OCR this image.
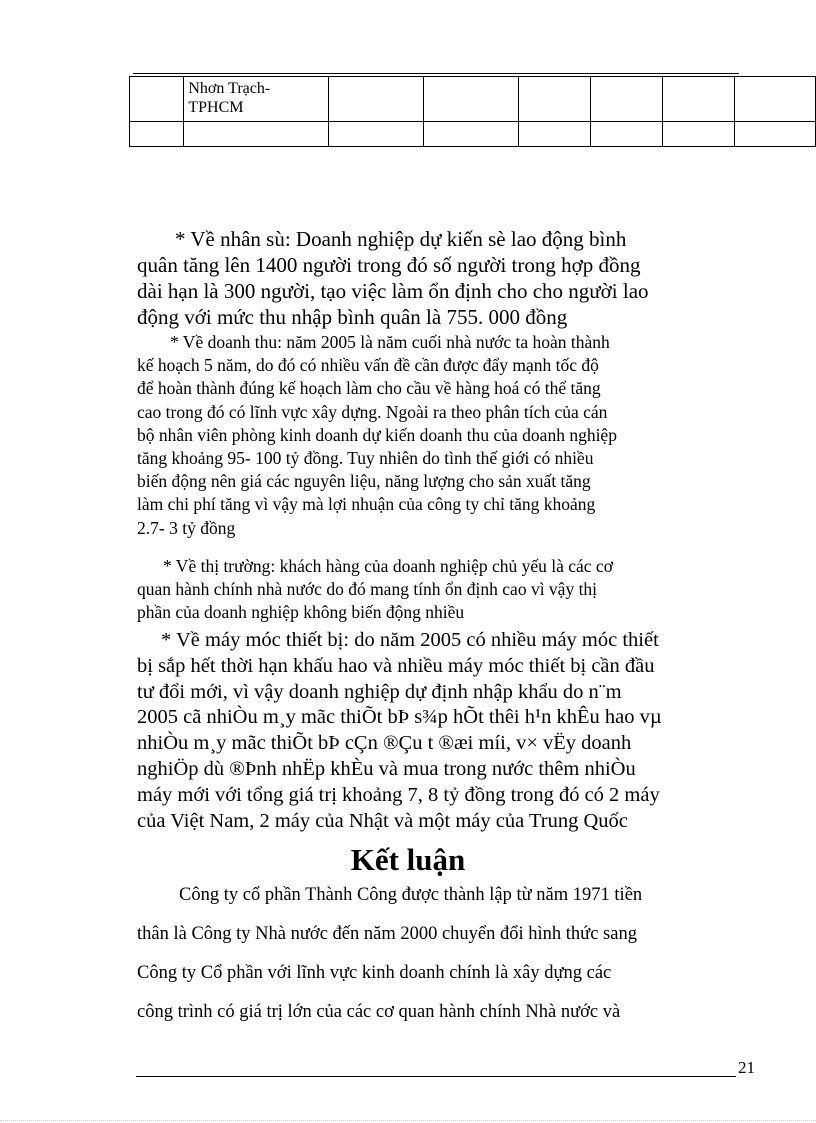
	Nhơn Trạch- TPHCM						

* Về nhân sù: Doanh nghiệp dự kiến sè lao động bình
quân tăng lên 1400 người trong đó số người trong hợp đồng
dài hạn là 300 người, tạo việc làm ổn định cho cho người lao
động với mức thu nhập bình quân là 755. 000 đồng
* Về doanh thu: năm 2005 là năm cuối nhà nước ta hoàn thành
kế hoạch 5 năm, do đó có nhiều vấn đề cần được đẩy mạnh tốc độ
để hoàn thành đúng kế hoạch làm cho cầu về hàng hoá có thể tăng
cao trong đó có lĩnh vực xây dựng. Ngoài ra theo phân tích của cán
bộ nhân viên phòng kinh doanh dự kiến doanh thu của doanh nghiệp
tăng khoảng 95- 100 tỷ đồng. Tuy nhiên do tình thế giới có nhiều
biến động nên giá các nguyên liệu, năng lượng cho sản xuất tăng
làm chi phí tăng vì vậy mà lợi nhuận của công ty chỉ tăng khoảng
2.7- 3 tỷ đồng
* Về thị trường: khách hàng của doanh nghiệp chủ yếu là các cơ
quan hành chính nhà nước do đó mang tính ổn định cao vì vậy thị
phần của doanh nghiệp không biến động nhiều
* Về máy móc thiết bị: do năm 2005 có nhiều máy móc thiết
bị sắp hết thời hạn khấu hao và nhiều máy móc thiết bị cần đầu
tư đổi mới, vì vậy doanh nghiệp dự định nhập khẩu do n¨m
2005 cã nhiÒu m¸y mãc thiÕt bÞ s¾p hÕt thêi h¹n khÊu hao vµ
nhiÒu m¸y mãc thiÕt bÞ cÇn ®Çu t ®æi míi, v× vËy doanh
nghiÖp dù ®Þnh nhËp khÈu và mua trong nước thêm nhiÒu
máy mới với tổng giá trị khoảng 7, 8 tỷ đồng trong đó có 2 máy
của Việt Nam, 2 máy của Nhật và một máy của Trung Quốc
Kết luận
Công ty cổ phần Thành Công được thành lập từ năm 1971 tiền
thân là Công ty Nhà nước đến năm 2000 chuyển đổi hình thức sang
Công ty Cổ phần với lĩnh vực kinh doanh chính là xây dựng các
công trình có giá trị lớn của các cơ quan hành chính Nhà nước và
21
